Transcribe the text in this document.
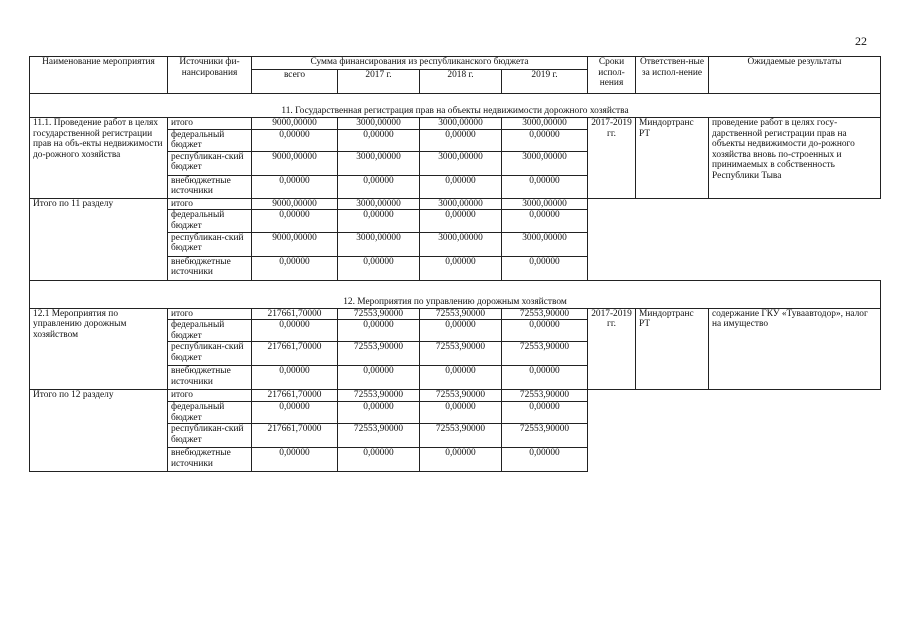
22
Наименование мероприятия	Источники фи-нансирования	Сумма финансирования из республиканского бюджета				Сроки испол-нения	Ответствен-ные за испол-нение	Ожидаемые результаты
		всего	2017 г.	2018 г.	2019 г.			
11. Государственная регистрация прав на объекты недвижимости дорожного хозяйства								
11.1. Проведение работ в целях государственной регистрации прав на объ-екты недвижимости до-рожного хозяйства	итого	9000,00000	3000,00000	3000,00000	3000,00000	2017-2019 гг.	Миндортранс РТ	проведение работ в целях госу-дарственной регистрации прав на объекты недвижимости до-рожного хозяйства вновь по-строенных и принимаемых в собственность Республики Тыва
	федеральный бюджет	0,00000	0,00000	0,00000	0,00000			
	республикан-ский бюджет	9000,00000	3000,00000	3000,00000	3000,00000			
	внебюджетные источники	0,00000	0,00000	0,00000	0,00000			
Итого по 11 разделу	итого	9000,00000	3000,00000	3000,00000	3000,00000			
	федеральный бюджет	0,00000	0,00000	0,00000	0,00000			
	республикан-ский бюджет	9000,00000	3000,00000	3000,00000	3000,00000			
	внебюджетные источники	0,00000	0,00000	0,00000	0,00000			
12. Мероприятия по управлению дорожным хозяйством								
12.1 Мероприятия по управлению дорожным хозяйством	итого	217661,70000	72553,90000	72553,90000	72553,90000	2017-2019 гг.	Миндортранс РТ	содержание ГКУ «Тувaавтодор», налог на имущество
	федеральный бюджет	0,00000	0,00000	0,00000	0,00000			
	республикан-ский бюджет	217661,70000	72553,90000	72553,90000	72553,90000			
	внебюджетные источники	0,00000	0,00000	0,00000	0,00000			
Итого по 12 разделу	итого	217661,70000	72553,90000	72553,90000	72553,90000			
	федеральный бюджет	0,00000	0,00000	0,00000	0,00000			
	республикан-ский бюджет	217661,70000	72553,90000	72553,90000	72553,90000			
	внебюджетные источники	0,00000	0,00000	0,00000	0,00000			
